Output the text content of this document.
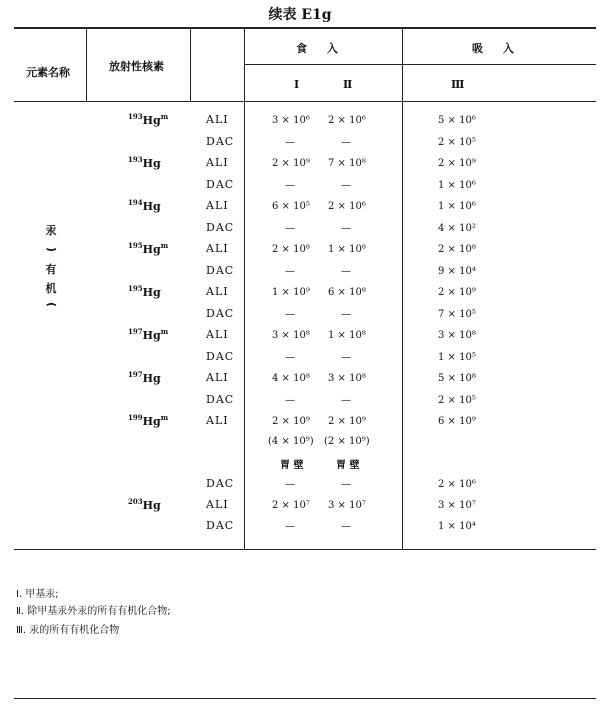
续表 E1g
元素名称	放射性核素
食 入	吸 入
Ⅰ	Ⅱ	Ⅲ
汞
(
有
机
)
$^{193}$Hg$^m$	ALI	3 × 10⁶ 2 × 10⁶	5 × 10⁶
DAC	—	—	2 × 10⁵
$^{193}$Hg	ALI	2 × 10⁹ 7 × 10⁸	2 × 10⁹
DAC	—	—	1 × 10⁶
$^{194}$Hg	ALI	6 × 10⁵ 2 × 10⁶	1 × 10⁶
DAC	—	—	4 × 10²
$^{195}$Hg$^m$	ALI	2 × 10⁸ 1 × 10⁸	2 × 10⁸
DAC	—	—	9 × 10⁴
$^{195}$Hg	ALI	1 × 10⁹ 6 × 10⁸	2 × 10⁹
DAC	—	—	7 × 10⁵
$^{197}$Hg$^m$	ALI	3 × 10⁸ 1 × 10⁸	3 × 10⁸
DAC	—	—	1 × 10⁵
$^{197}$Hg	ALI	4 × 10⁸ 3 × 10⁸	5 × 10⁸
DAC	—	—	2 × 10⁵
$^{199}$Hg$^m$	ALI	2 × 10⁹ 2 × 10⁹	6 × 10⁹
(4 × 10⁹) (2 × 10⁹)
胃 壁	胃 壁
DAC	—	—	2 × 10⁶
$^{203}$Hg	ALI	2 × 10⁷ 3 × 10⁷	3 × 10⁷
DAC	—	—	1 × 10⁴
Ⅰ. 甲基汞;
Ⅱ. 除甲基汞外汞的所有有机化合物;
Ⅲ. 汞的所有有机化合物
